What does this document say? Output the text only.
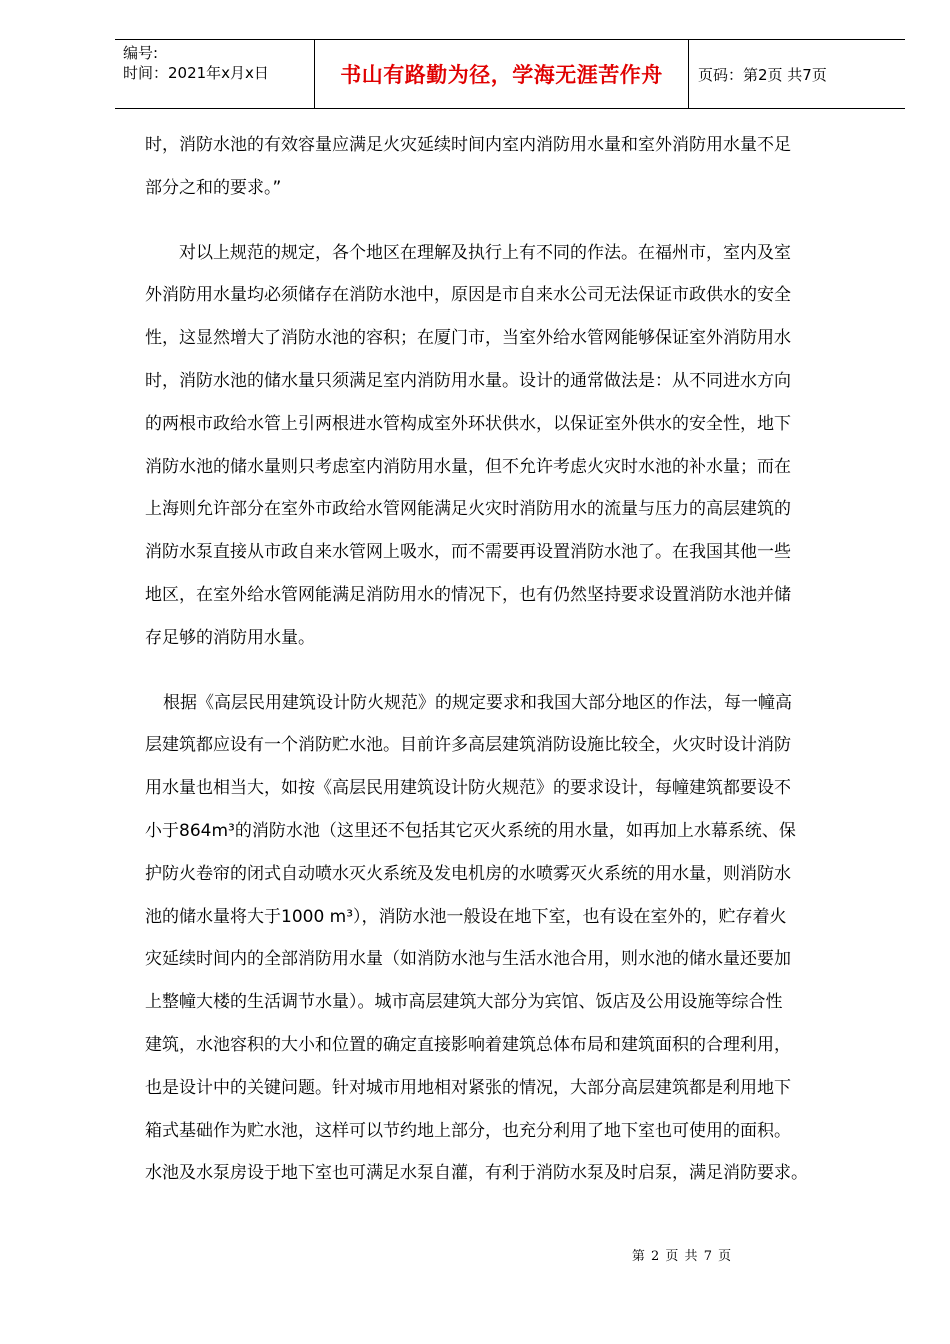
编号:
时间：2021年x月x日	书山有路勤为径，学海无涯苦作舟	页码：第2页 共7页
时，消防水池的有效容量应满足火灾延续时间内室内消防用水量和室外消防用水量不足
部分之和的要求。”
对以上规范的规定，各个地区在理解及执行上有不同的作法。在福州市，室内及室
外消防用水量均必须储存在消防水池中，原因是市自来水公司无法保证市政供水的安全
性，这显然增大了消防水池的容积；在厦门市，当室外给水管网能够保证室外消防用水
时，消防水池的储水量只须满足室内消防用水量。设计的通常做法是：从不同进水方向
的两根市政给水管上引两根进水管构成室外环状供水，以保证室外供水的安全性，地下
消防水池的储水量则只考虑室内消防用水量，但不允许考虑火灾时水池的补水量；而在
上海则允许部分在室外市政给水管网能满足火灾时消防用水的流量与压力的高层建筑的
消防水泵直接从市政自来水管网上吸水，而不需要再设置消防水池了。在我国其他一些
地区，在室外给水管网能满足消防用水的情况下，也有仍然坚持要求设置消防水池并储
存足够的消防用水量。
根据《高层民用建筑设计防火规范》的规定要求和我国大部分地区的作法，每一幢高
层建筑都应设有一个消防贮水池。目前许多高层建筑消防设施比较全，火灾时设计消防
用水量也相当大，如按《高层民用建筑设计防火规范》的要求设计，每幢建筑都要设不
小于864m³的消防水池（这里还不包括其它灭火系统的用水量，如再加上水幕系统、保
护防火卷帘的闭式自动喷水灭火系统及发电机房的水喷雾灭火系统的用水量，则消防水
池的储水量将大于1000 m³），消防水池一般设在地下室，也有设在室外的，贮存着火
灾延续时间内的全部消防用水量（如消防水池与生活水池合用，则水池的储水量还要加
上整幢大楼的生活调节水量）。城市高层建筑大部分为宾馆、饭店及公用设施等综合性
建筑，水池容积的大小和位置的确定直接影响着建筑总体布局和建筑面积的合理利用，
也是设计中的关键问题。针对城市用地相对紧张的情况，大部分高层建筑都是利用地下
箱式基础作为贮水池，这样可以节约地上部分，也充分利用了地下室也可使用的面积。
水池及水泵房设于地下室也可满足水泵自灌，有利于消防水泵及时启泵，满足消防要求。
第 2 页 共 7 页
